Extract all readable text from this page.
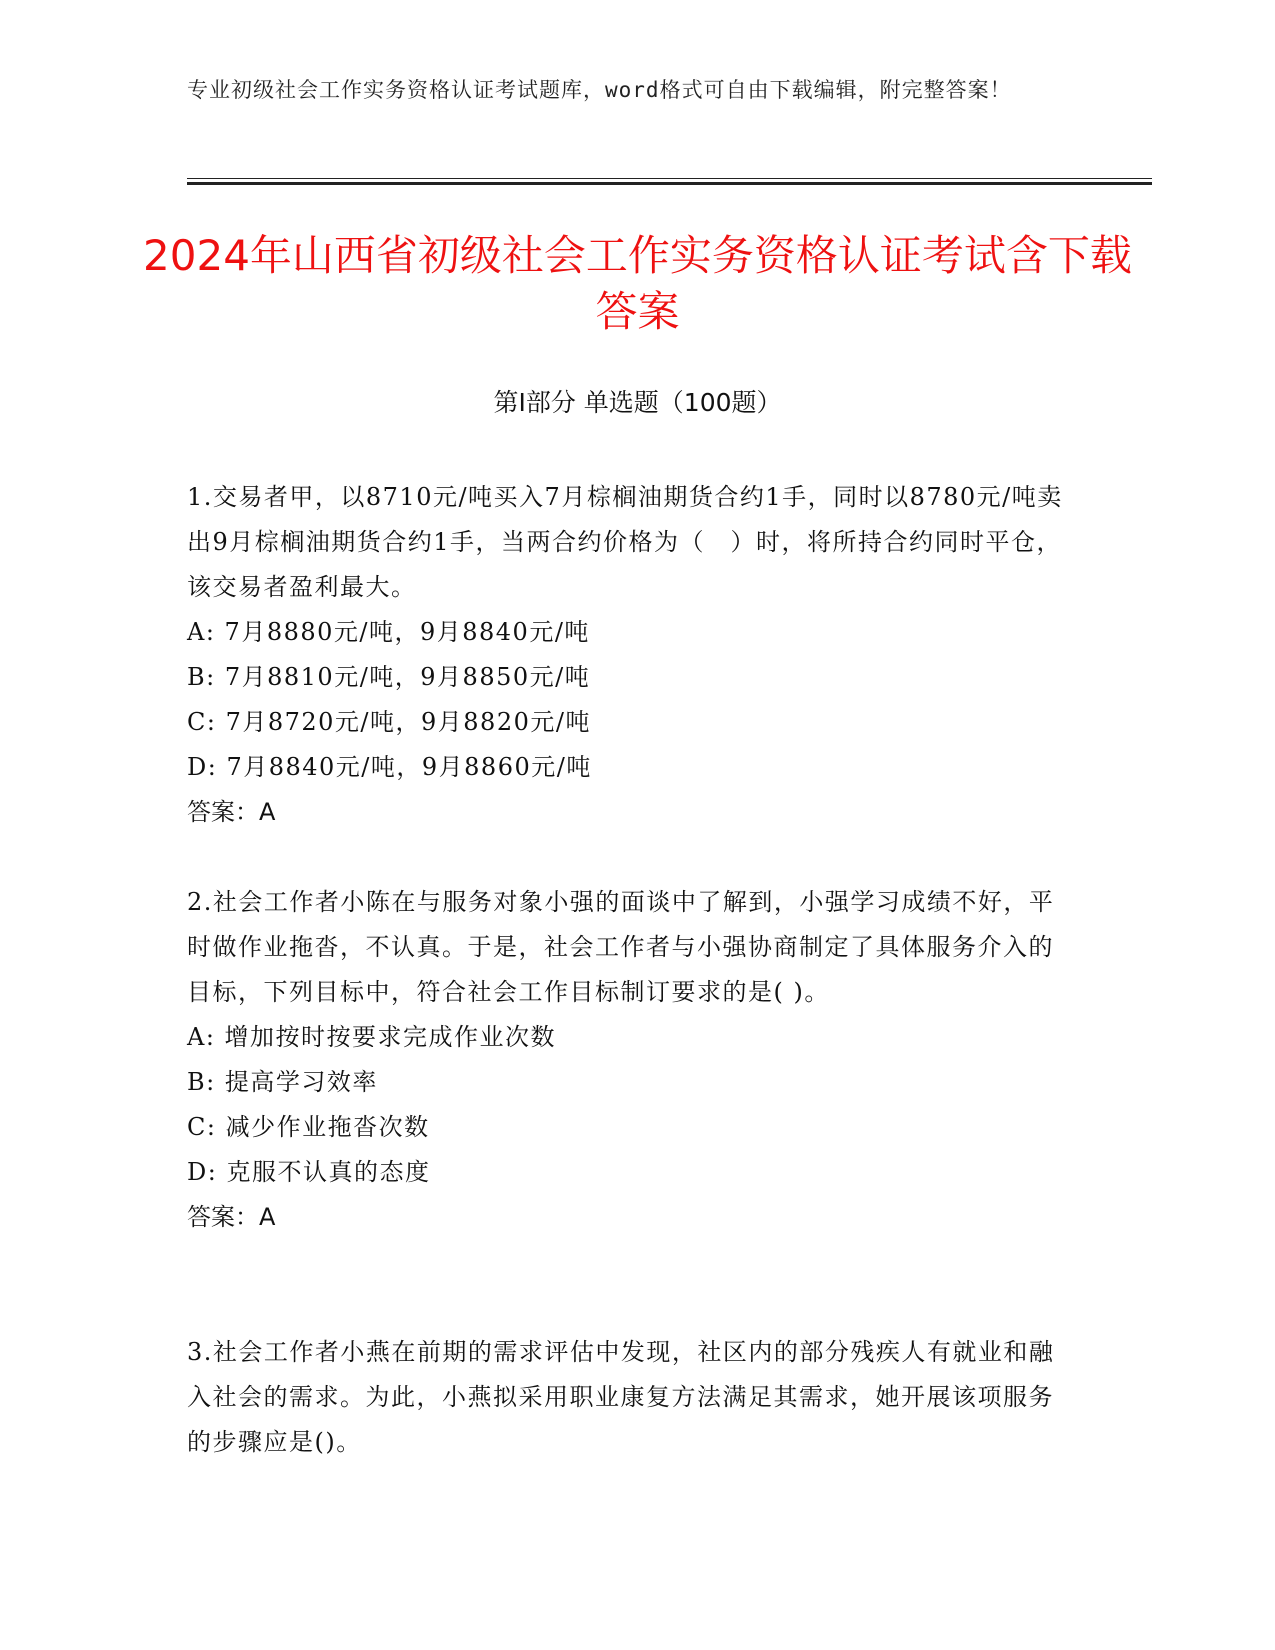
专业初级社会工作实务资格认证考试题库，word格式可自由下载编辑，附完整答案！
2024年山西省初级社会工作实务资格认证考试含下载答案
第I部分 单选题（100题）

1.交易者甲，以8710元/吨买入7月棕榈油期货合约1手，同时以8780元/吨卖出9月棕榈油期货合约1手，当两合约价格为（　）时，将所持合约同时平仓，该交易者盈利最大。

A: 7月8880元/吨，9月8840元/吨

B: 7月8810元/吨，9月8850元/吨

C: 7月8720元/吨，9月8820元/吨

D: 7月8840元/吨，9月8860元/吨

答案：A

2.社会工作者小陈在与服务对象小强的面谈中了解到，小强学习成绩不好，平时做作业拖沓，不认真。于是，社会工作者与小强协商制定了具体服务介入的目标，下列目标中，符合社会工作目标制订要求的是( )。

A: 增加按时按要求完成作业次数

B: 提高学习效率

C: 减少作业拖沓次数

D: 克服不认真的态度

答案：A

3.社会工作者小燕在前期的需求评估中发现，社区内的部分残疾人有就业和融入社会的需求。为此，小燕拟采用职业康复方法满足其需求，她开展该项服务的步骤应是()。
